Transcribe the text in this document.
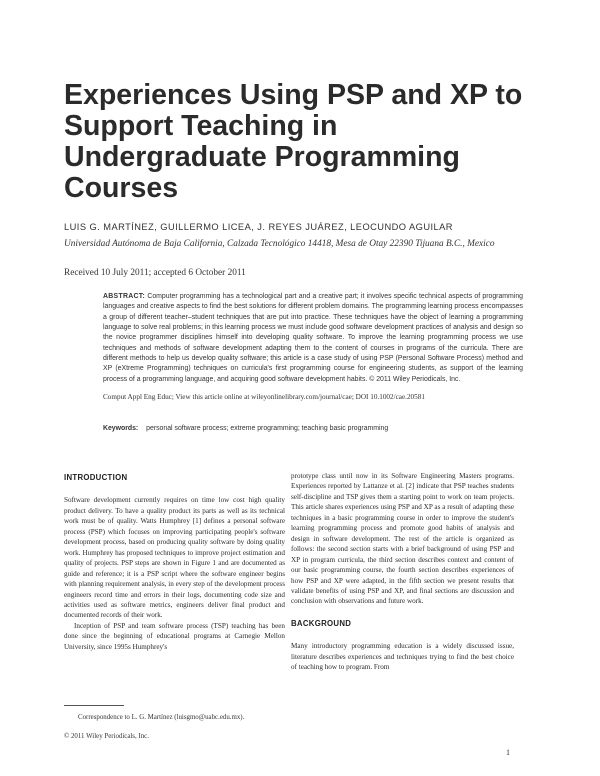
Experiences Using PSP and XP to Support Teaching in Undergraduate Programming Courses
LUIS G. MARTÍNEZ, GUILLERMO LICEA, J. REYES JUÁREZ, LEOCUNDO AGUILAR
Universidad Autónoma de Baja California, Calzada Tecnológico 14418, Mesa de Otay 22390 Tijuana B.C., Mexico
Received 10 July 2011; accepted 6 October 2011

ABSTRACT: Computer programming has a technological part and a creative part; it involves specific technical aspects of programming languages and creative aspects to find the best solutions for different problem domains. The programming learning process encompasses a group of different teacher–student techniques that are put into practice. These techniques have the object of learning a programming language to solve real problems; in this learning process we must include good software development practices of analysis and design so the novice programmer disciplines himself into developing quality software. To improve the learning programming process we use techniques and methods of software development adapting them to the content of courses in programs of the curricula. There are different methods to help us develop quality software; this article is a case study of using PSP (Personal Software Process) method and XP (eXtreme Programming) techniques on curricula's first programming course for engineering students, as support of the learning process of a programming language, and acquiring good software development habits. © 2011 Wiley Periodicals, Inc.

Comput Appl Eng Educ; View this article online at wileyonlinelibrary.com/journal/cae; DOI 10.1002/cae.20581
Keywords: personal software process; extreme programming; teaching basic programming
INTRODUCTION

Software development currently requires on time low cost high quality product delivery. To have a quality product its parts as well as its technical work must be of quality. Watts Humphrey [1] defines a personal software process (PSP) which focuses on improving participating people's software development process, based on producing quality software by doing quality work. Humphrey has proposed techniques to improve project estimation and quality of projects. PSP steps are shown in Figure 1 and are documented as guide and reference; it is a PSP script where the software engineer begins with planning requirement analysis, in every step of the development process engineers record time and errors in their logs, documenting code size and activities used as software metrics, engineers deliver final product and documented records of their work.

Inception of PSP and team software process (TSP) teaching has been done since the beginning of educational programs at Carnegie Mellon University, since 1995s Humphrey's

prototype class until now in its Software Engineering Masters programs. Experiences reported by Lattanze et al. [2] indicate that PSP teaches students self-discipline and TSP gives them a starting point to work on team projects. This article shares experiences using PSP and XP as a result of adapting these techniques in a basic programming course in order to improve the student's learning programming process and promote good habits of analysis and design in software development. The rest of the article is organized as follows: the second section starts with a brief background of using PSP and XP in program curricula, the third section describes context and content of our basic programming course, the fourth section describes experiences of how PSP and XP were adapted, in the fifth section we present results that validate benefits of using PSP and XP, and final sections are discussion and conclusion with observations and future work.

BACKGROUND

Many introductory programming education is a widely discussed issue, literature describes experiences and techniques trying to find the best choice of teaching how to program. From

Correspondence to L. G. Martínez (luisgmo@uabc.edu.mx).
© 2011 Wiley Periodicals, Inc.
1
